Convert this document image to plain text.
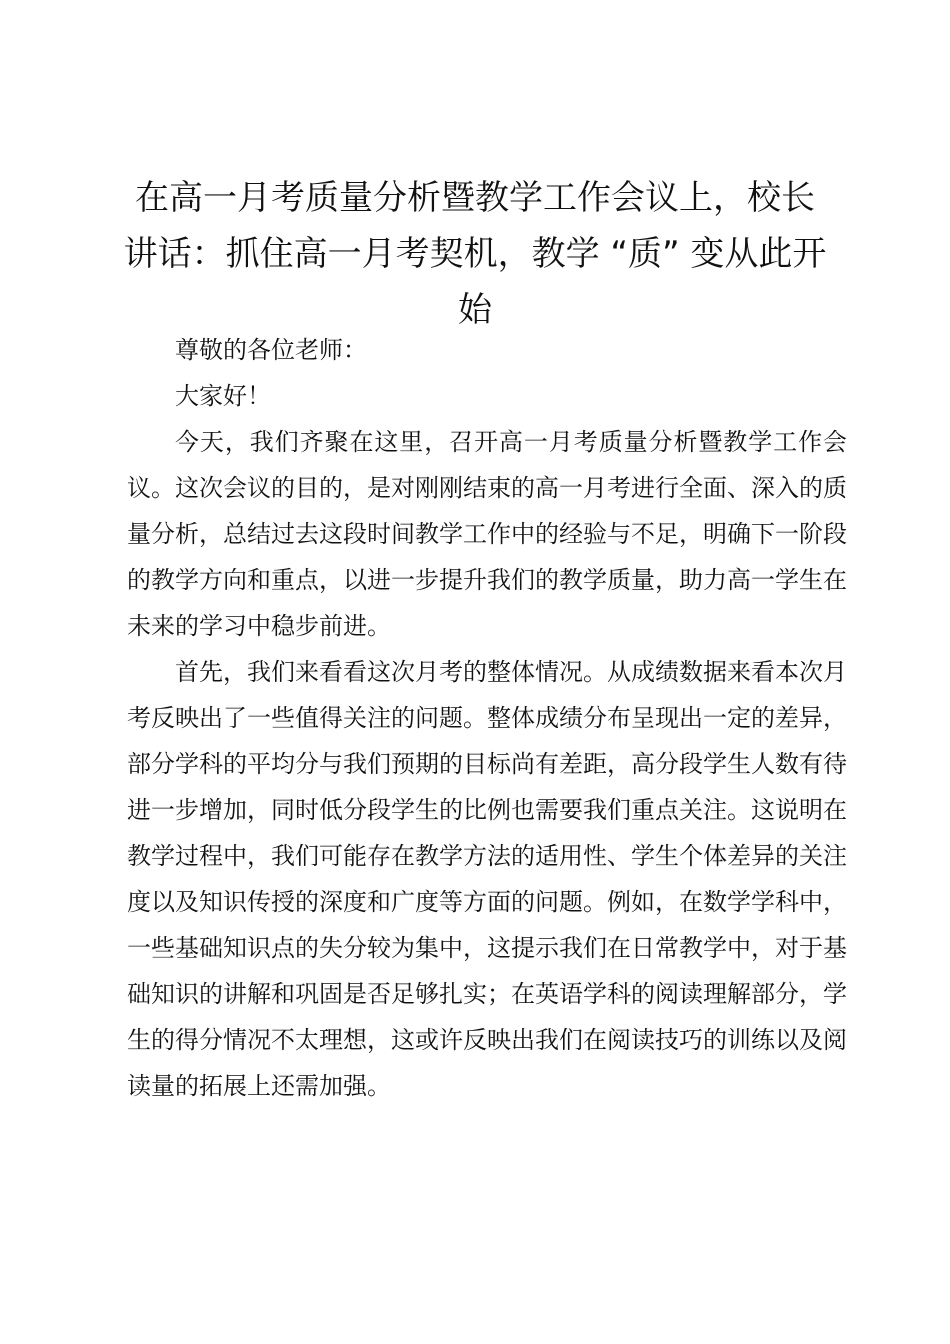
在高一月考质量分析暨教学工作会议上，校长讲话：抓住高一月考契机，教学 “质” 变从此开始

尊敬的各位老师：

大家好！

今天，我们齐聚在这里，召开高一月考质量分析暨教学工作会议。这次会议的目的，是对刚刚结束的高一月考进行全面、深入的质量分析，总结过去这段时间教学工作中的经验与不足，明确下一阶段的教学方向和重点，以进一步提升我们的教学质量，助力高一学生在未来的学习中稳步前进。

首先，我们来看看这次月考的整体情况。从成绩数据来看本次月考反映出了一些值得关注的问题。整体成绩分布呈现出一定的差异，部分学科的平均分与我们预期的目标尚有差距，高分段学生人数有待进一步增加，同时低分段学生的比例也需要我们重点关注。这说明在教学过程中，我们可能存在教学方法的适用性、学生个体差异的关注度以及知识传授的深度和广度等方面的问题。例如，在数学学科中，一些基础知识点的失分较为集中，这提示我们在日常教学中，对于基础知识的讲解和巩固是否足够扎实；在英语学科的阅读理解部分，学生的得分情况不太理想，这或许反映出我们在阅读技巧的训练以及阅读量的拓展上还需加强。
